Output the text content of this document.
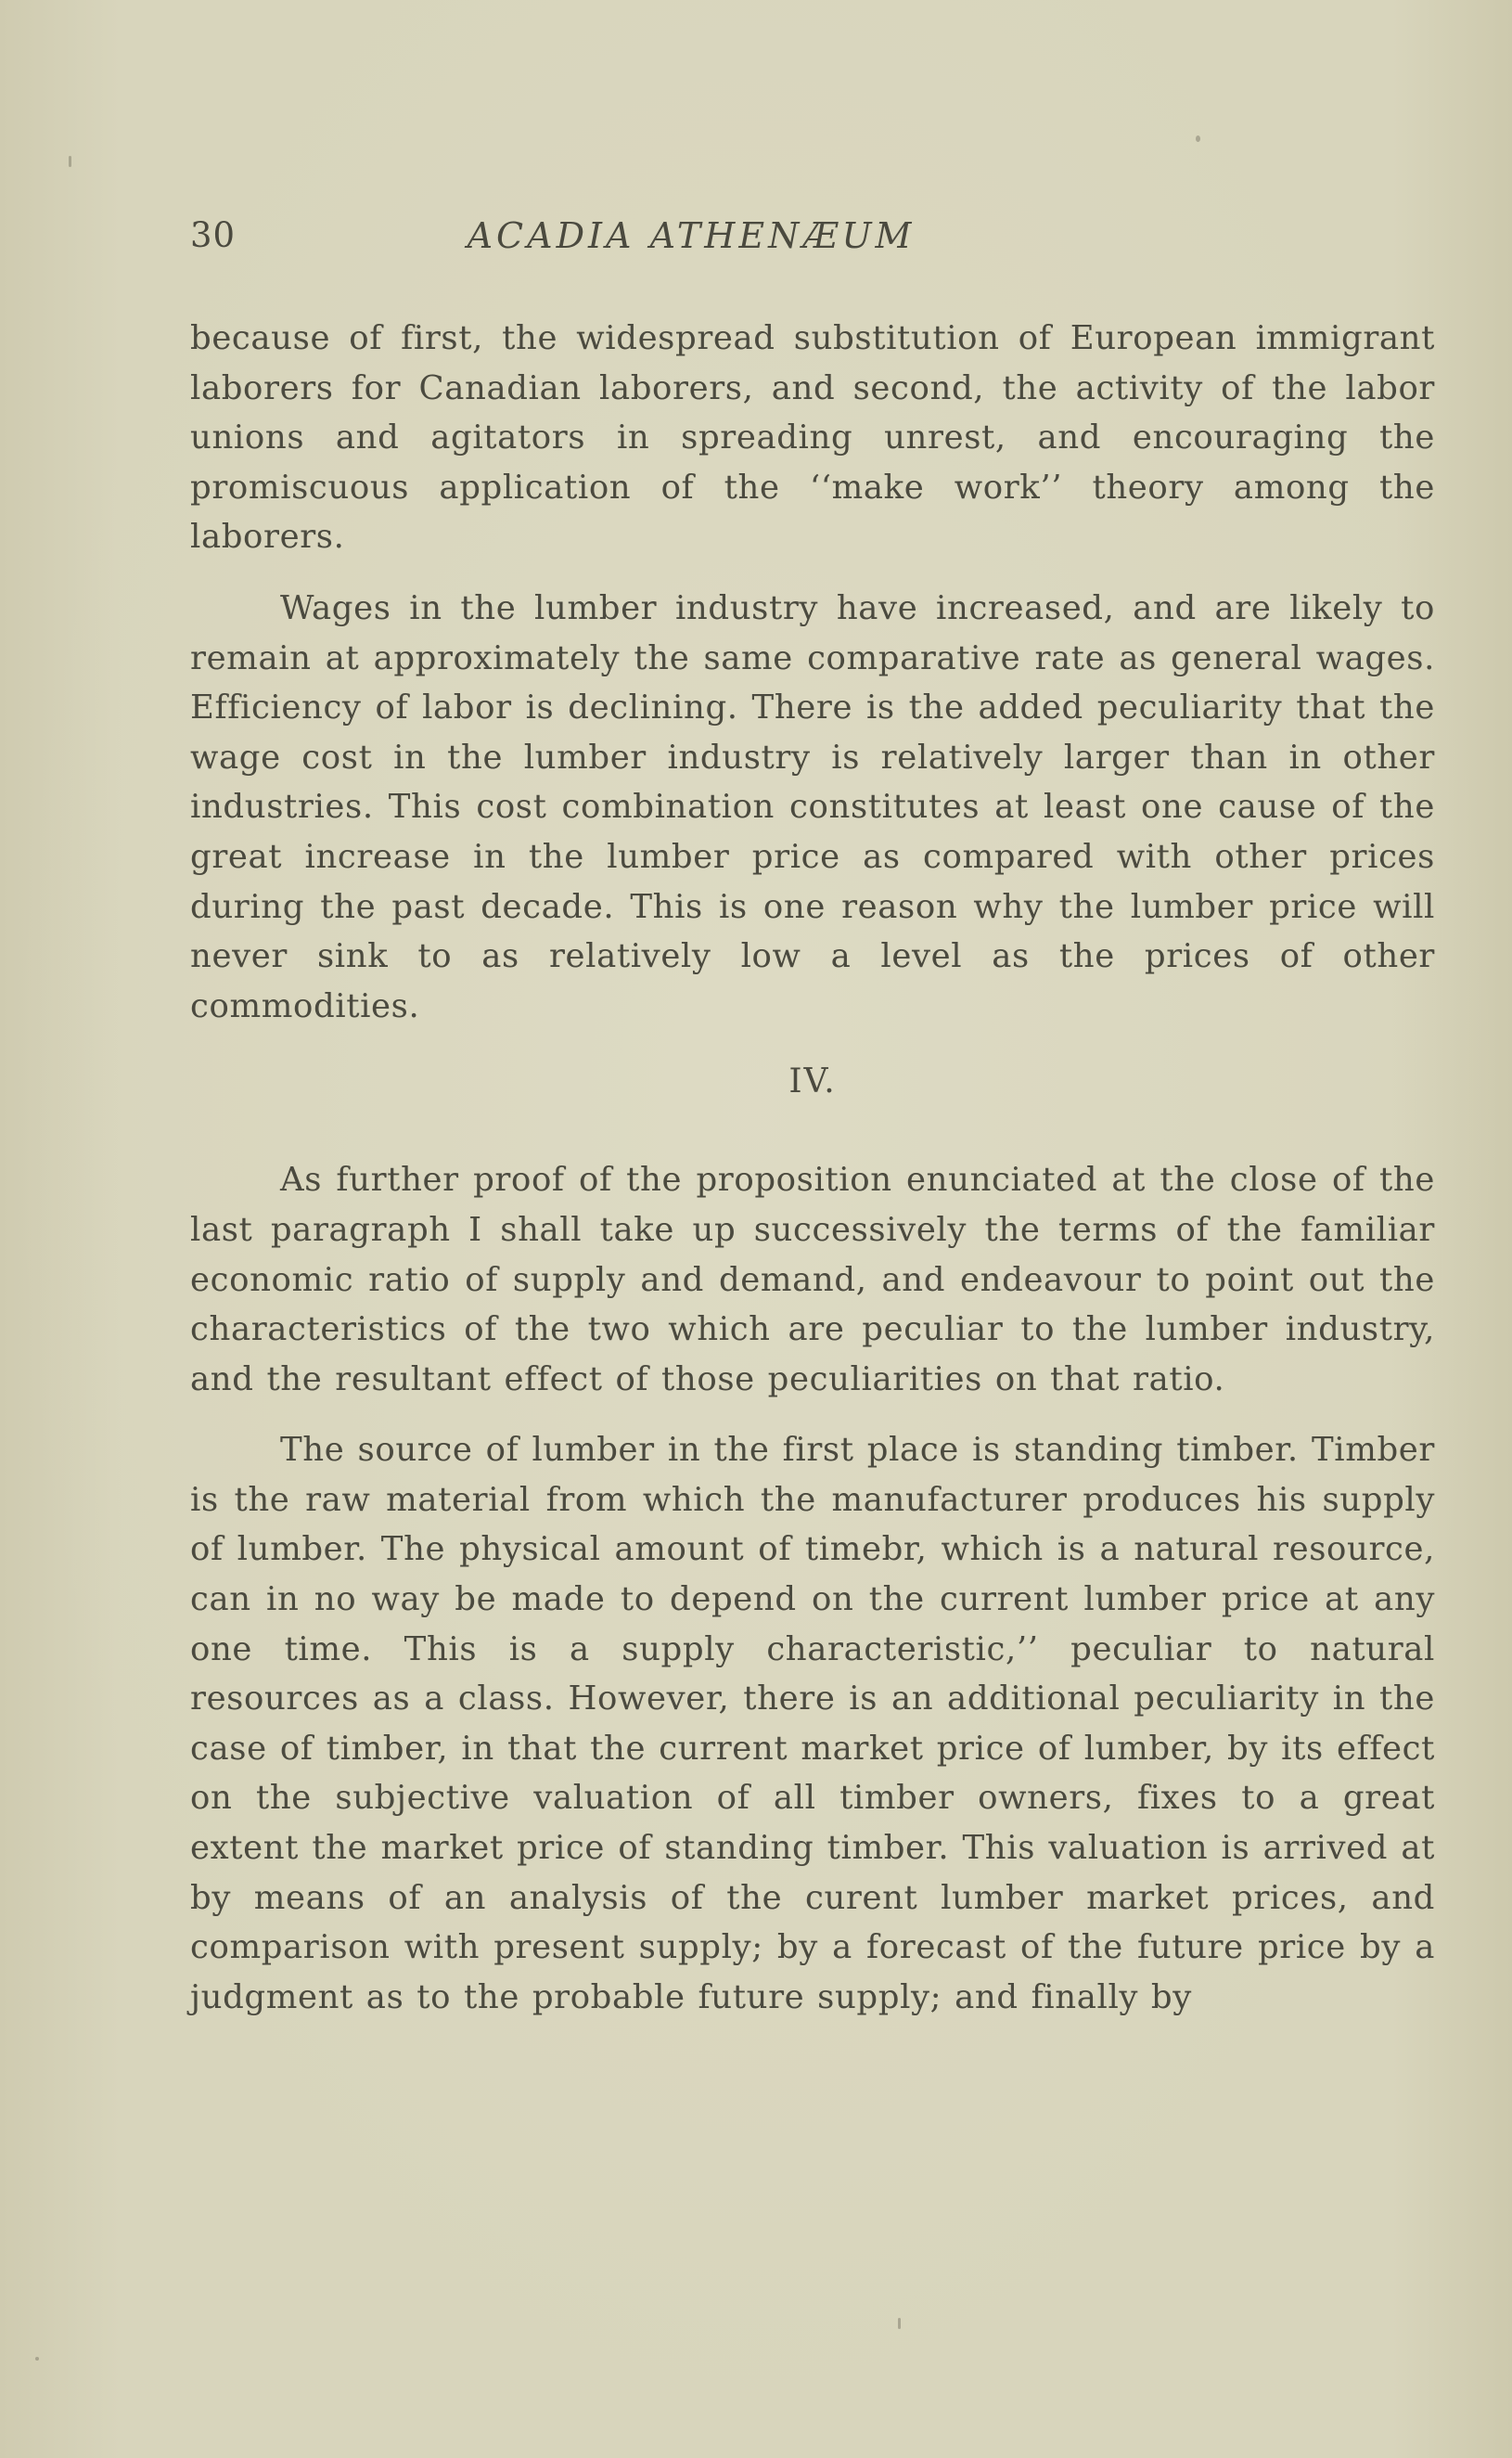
30	ACADIA ATHENÆUM

because of first, the widespread substitution of European immigrant laborers for Canadian laborers, and second, the activity of the labor unions and agitators in spreading unrest, and encouraging the promiscuous application of the ‘‘make work’’ theory among the laborers.

Wages in the lumber industry have increased, and are likely to remain at approximately the same comparative rate as general wages. Efficiency of labor is declining. There is the added peculiarity that the wage cost in the lumber industry is relatively larger than in other industries. This cost combination constitutes at least one cause of the great increase in the lumber price as compared with other prices during the past decade. This is one reason why the lumber price will never sink to as relatively low a level as the prices of other commodities.

IV.

As further proof of the proposition enunciated at the close of the last paragraph I shall take up successively the terms of the familiar economic ratio of supply and demand, and endeavour to point out the characteristics of the two which are peculiar to the lumber industry, and the resultant effect of those peculiarities on that ratio.

The source of lumber in the first place is standing timber. Timber is the raw material from which the manufacturer produces his supply of lumber. The physical amount of timebr, which is a natural resource, can in no way be made to depend on the current lumber price at any one time. This is a supply characteristic,’’ peculiar to natural resources as a class. However, there is an additional peculiarity in the case of timber, in that the current market price of lumber, by its effect on the subjective valuation of all timber owners, fixes to a great extent the market price of standing timber. This valuation is arrived at by means of an analysis of the curent lumber market prices, and comparison with present supply; by a forecast of the future price by a judgment as to the probable future supply; and finally by
